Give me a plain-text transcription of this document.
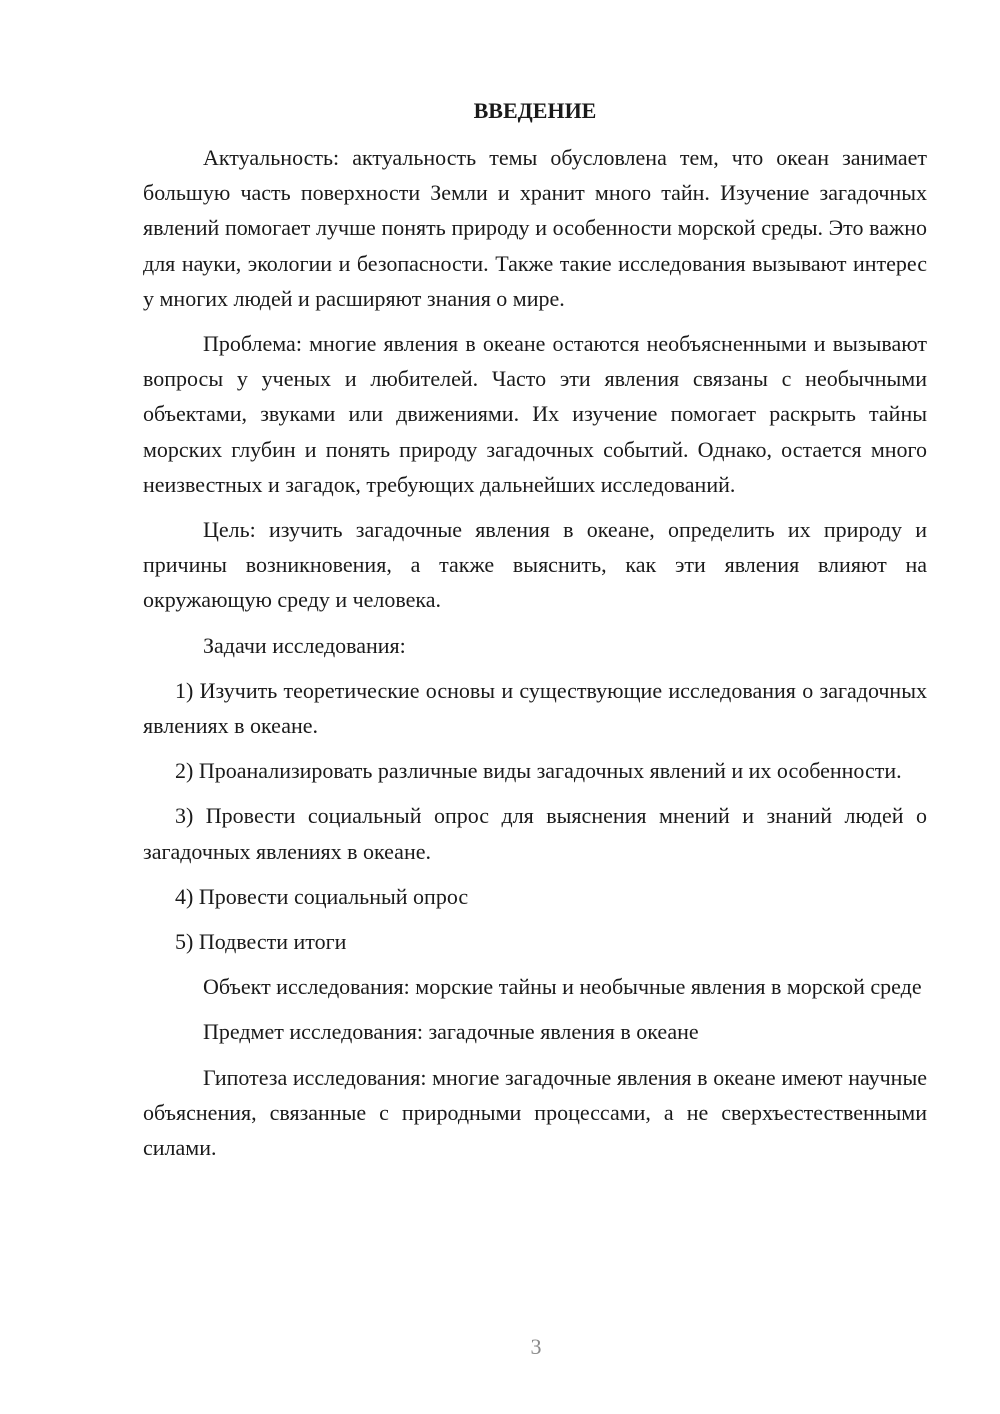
ВВЕДЕНИЕ

Актуальность: актуальность темы обусловлена тем, что океан занимает большую часть поверхности Земли и хранит много тайн. Изучение загадочных явлений помогает лучше понять природу и особенности морской среды. Это важно для науки, экологии и безопасности. Также такие исследования вызывают интерес у многих людей и расширяют знания о мире.

Проблема: многие явления в океане остаются необъясненными и вызывают вопросы у ученых и любителей. Часто эти явления связаны с необычными объектами, звуками или движениями. Их изучение помогает раскрыть тайны морских глубин и понять природу загадочных событий. Однако, остается много неизвестных и загадок, требующих дальнейших исследований.

Цель: изучить загадочные явления в океане, определить их природу и причины возникновения, а также выяснить, как эти явления влияют на окружающую среду и человека.

Задачи исследования:

1) Изучить теоретические основы и существующие исследования о загадочных явлениях в океане.

2) Проанализировать различные виды загадочных явлений и их особенности.

3) Провести социальный опрос для выяснения мнений и знаний людей о загадочных явлениях в океане.

4) Провести социальный опрос

5) Подвести итоги

Объект исследования: морские тайны и необычные явления в морской среде

Предмет исследования: загадочные явления в океане

Гипотеза исследования: многие загадочные явления в океане имеют научные объяснения, связанные с природными процессами, а не сверхъестественными силами.

3
